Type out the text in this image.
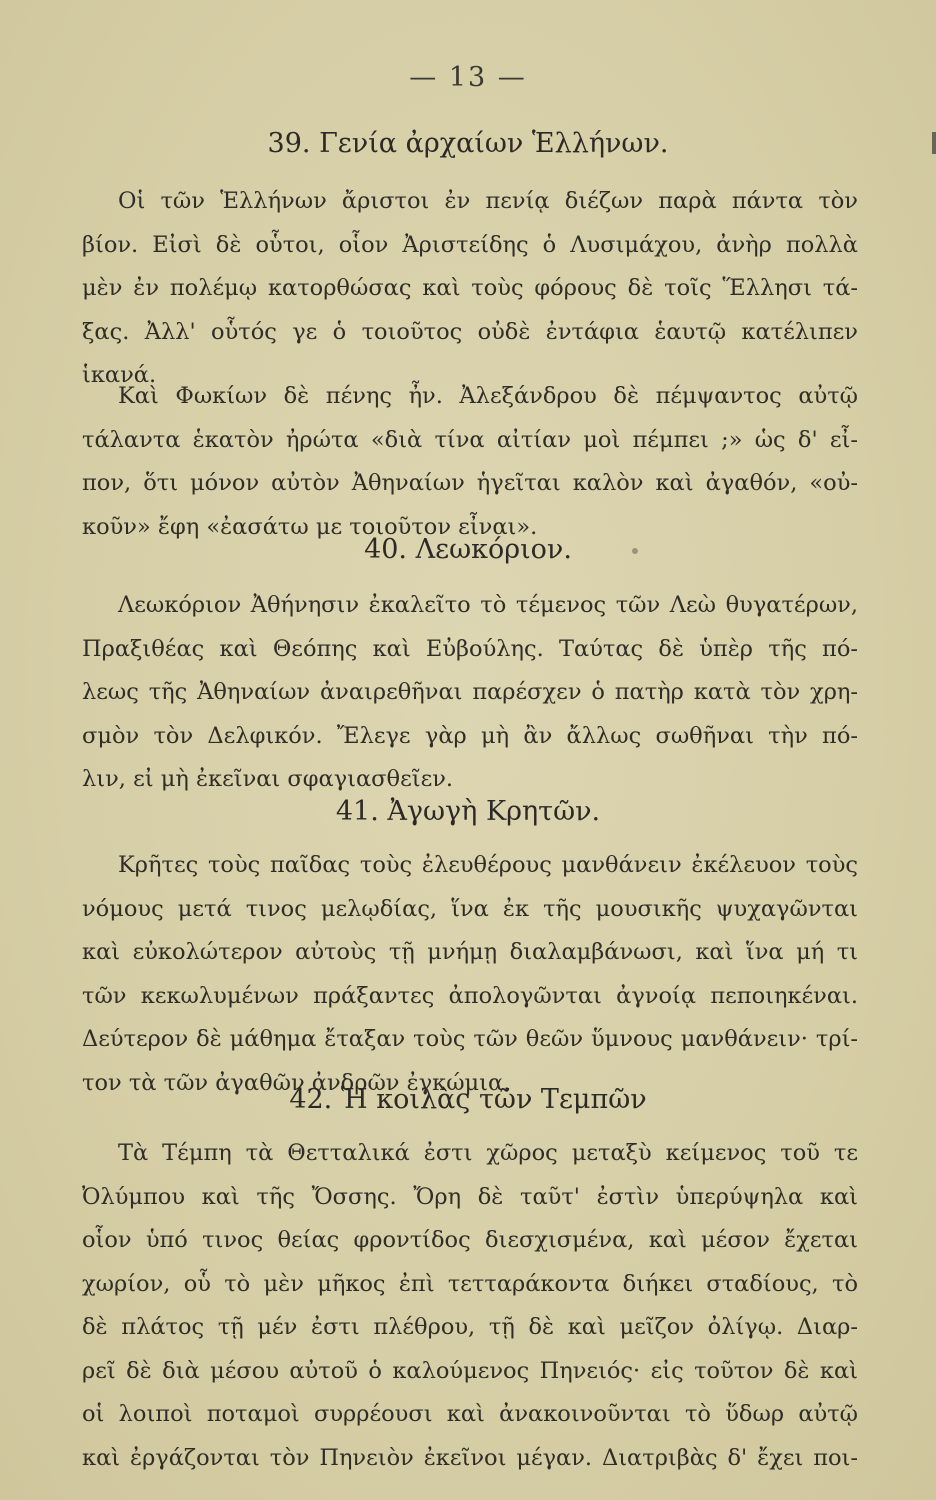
— 13 —
39. Γενία ἀρχαίων Ἑλλήνων.
Οἱ τῶν Ἑλλήνων ἄριστοι ἐν πενίᾳ διέζων παρὰ πάντα τὸν
βίον. Εἰσὶ δὲ οὗτοι, οἷον Ἀριστείδης ὁ Λυσιμάχου, ἀνὴρ πολλὰ
μὲν ἐν πολέμῳ κατορθώσας καὶ τοὺς φόρους δὲ τοῖς Ἕλλησι τά-
ξας. Ἀλλ' οὗτός γε ὁ τοιοῦτος οὐδὲ ἐντάφια ἑαυτῷ κατέλιπεν
ἱκανά.
Καὶ Φωκίων δὲ πένης ἦν. Ἀλεξάνδρου δὲ πέμψαντος αὐτῷ
τάλαντα ἑκατὸν ἠρώτα «διὰ τίνα αἰτίαν μοὶ πέμπει ;» ὡς δ' εἶ-
πον, ὅτι μόνον αὐτὸν Ἀθηναίων ἡγεῖται καλὸν καὶ ἀγαθόν, «οὐ-
κοῦν» ἔφη «ἐασάτω με τοιοῦτον εἶναι».
40. Λεωκόριον.
Λεωκόριον Ἀθήνησιν ἐκαλεῖτο τὸ τέμενος τῶν Λεὼ θυγατέρων,
Πραξιθέας καὶ Θεόπης καὶ Εὐβούλης. Ταύτας δὲ ὑπὲρ τῆς πό-
λεως τῆς Ἀθηναίων ἀναιρεθῆναι παρέσχεν ὁ πατὴρ κατὰ τὸν χρη-
σμὸν τὸν Δελφικόν. Ἔλεγε γὰρ μὴ ἂν ἄλλως σωθῆναι τὴν πό-
λιν, εἰ μὴ ἐκεῖναι σφαγιασθεῖεν.
41. Ἀγωγὴ Κρητῶν.
Κρῆτες τοὺς παῖδας τοὺς ἐλευθέρους μανθάνειν ἐκέλευον τοὺς
νόμους μετά τινος μελῳδίας, ἵνα ἐκ τῆς μουσικῆς ψυχαγῶνται
καὶ εὐκολώτερον αὐτοὺς τῇ μνήμῃ διαλαμβάνωσι, καὶ ἵνα μή τι
τῶν κεκωλυμένων πράξαντες ἀπολογῶνται ἀγνοίᾳ πεποιηκέναι.
Δεύτερον δὲ μάθημα ἔταξαν τοὺς τῶν θεῶν ὕμνους μανθάνειν· τρί-
τον τὰ τῶν ἀγαθῶν ἀνδρῶν ἐγκώμια.
42. Ἡ κοιλὰς τῶν Τεμπῶν
Τὰ Τέμπη τὰ Θετταλικά ἐστι χῶρος μεταξὺ κείμενος τοῦ τε
Ὀλύμπου καὶ τῆς Ὄσσης. Ὄρη δὲ ταῦτ' ἐστὶν ὑπερύψηλα καὶ
οἷον ὑπό τινος θείας φροντίδος διεσχισμένα, καὶ μέσον ἔχεται
χωρίον, οὗ τὸ μὲν μῆκος ἐπὶ τετταράκοντα διήκει σταδίους, τὸ
δὲ πλάτος τῇ μέν ἐστι πλέθρου, τῇ δὲ καὶ μεῖζον ὀλίγῳ. Διαρ-
ρεῖ δὲ διὰ μέσου αὐτοῦ ὁ καλούμενος Πηνειός· εἰς τοῦτον δὲ καὶ
οἱ λοιποὶ ποταμοὶ συρρέουσι καὶ ἀνακοινοῦνται τὸ ὕδωρ αὐτῷ
καὶ ἐργάζονται τὸν Πηνειὸν ἐκεῖνοι μέγαν. Διατριβὰς δ' ἔχει ποι-
